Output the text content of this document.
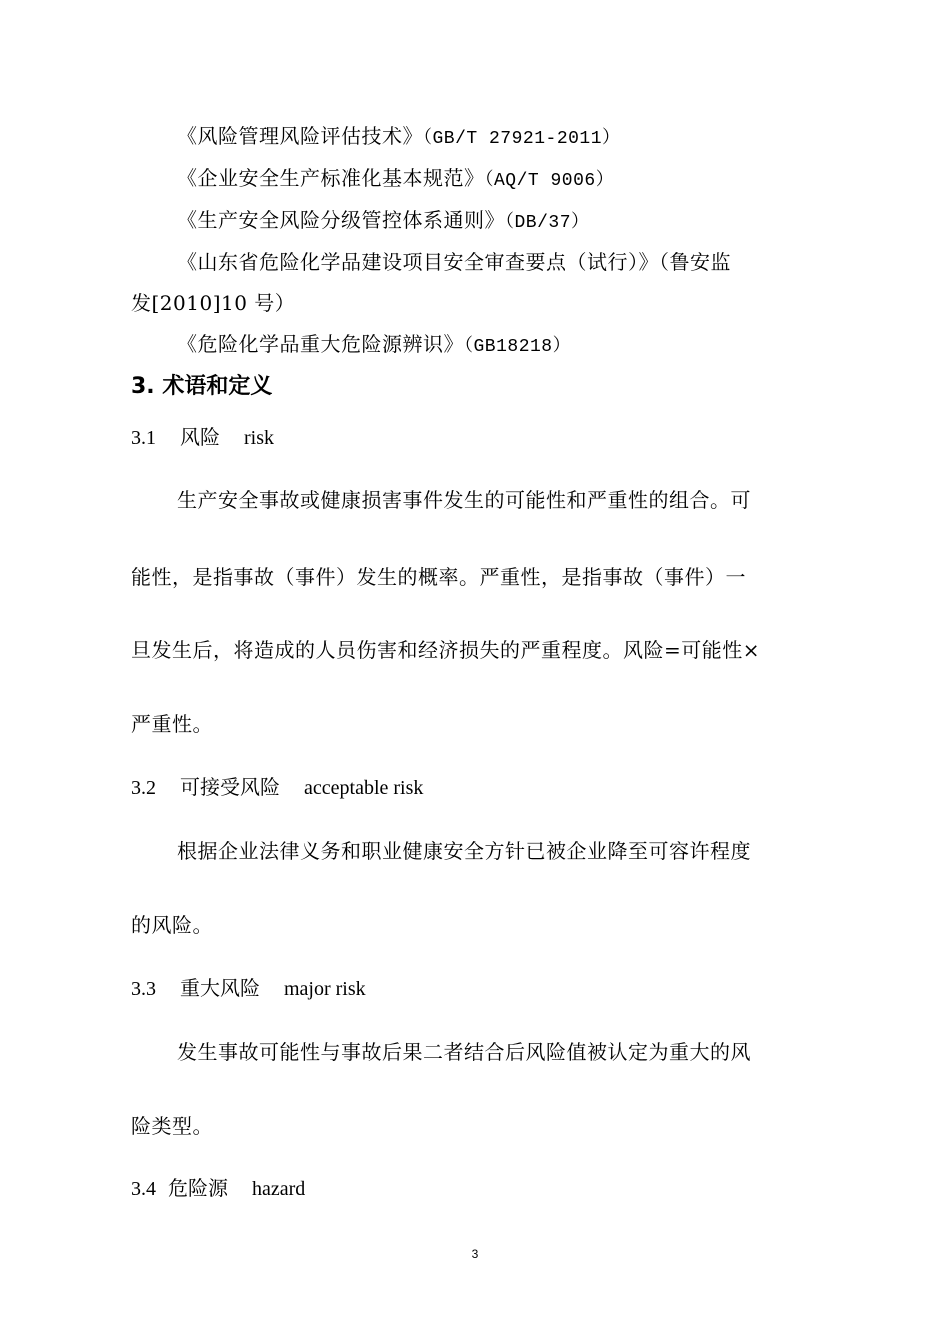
《风险管理风险评估技术》（GB/T 27921-2011）
《企业安全生产标准化基本规范》（AQ/T 9006）
《生产安全风险分级管控体系通则》（DB/37）
《山东省危险化学品建设项目安全审查要点（试行）》（鲁安监
发[2010]10 号）
《危险化学品重大危险源辨识》（GB18218）
3. 术语和定义
3.1 风险 risk
生产安全事故或健康损害事件发生的可能性和严重性的组合。可
能性，是指事故（事件）发生的概率。严重性，是指事故（事件）一
旦发生后，将造成的人员伤害和经济损失的严重程度。风险=可能性×
严重性。
3.2 可接受风险 acceptable risk
根据企业法律义务和职业健康安全方针已被企业降至可容许程度
的风险。
3.3 重大风险 major risk
发生事故可能性与事故后果二者结合后风险值被认定为重大的风
险类型。
3.4 危险源 hazard
3
